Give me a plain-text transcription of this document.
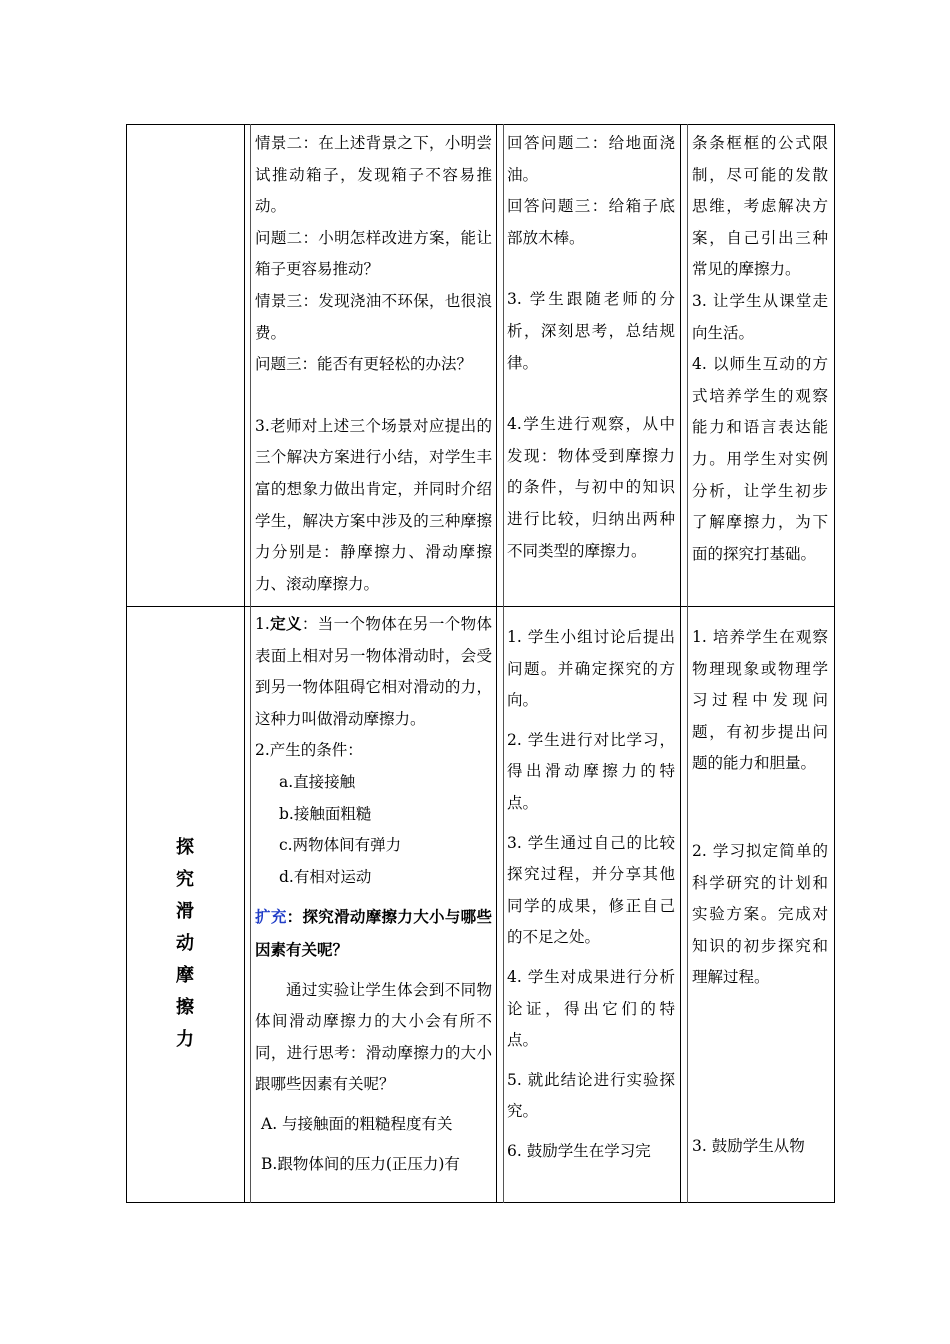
情景二：在上述背景之下，小明尝试推动箱子，发现箱子不容易推动。

问题二：小明怎样改进方案，能让箱子更容易推动？

情景三：发现浇油不环保，也很浪费。

问题三：能否有更轻松的办法？

3.老师对上述三个场景对应提出的三个解决方案进行小结，对学生丰富的想象力做出肯定，并同时介绍学生，解决方案中涉及的三种摩擦力分别是：静摩擦力、滑动摩擦力、滚动摩擦力。

回答问题二：给地面浇油。

回答问题三：给箱子底部放木棒。

3. 学生跟随老师的分析，深刻思考，总结规律。

4.学生进行观察，从中发现：物体受到摩擦力的条件，与初中的知识进行比较，归纳出两种不同类型的摩擦力。

条条框框的公式限制，尽可能的发散思维，考虑解决方案，自己引出三种常见的摩擦力。

3. 让学生从课堂走向生活。

4. 以师生互动的方式培养学生的观察能力和语言表达能力。用学生对实例分析，让学生初步了解摩擦力，为下面的探究打基础。

探
究
滑
动
摩
擦
力

1.定义：当一个物体在另一个物体表面上相对另一物体滑动时，会受到另一物体阻碍它相对滑动的力，这种力叫做滑动摩擦力。

2.产生的条件：

a.直接接触

b.接触面粗糙

c.两物体间有弹力

d.有相对运动

扩充：探究滑动摩擦力大小与哪些因素有关呢？

通过实验让学生体会到不同物体间滑动摩擦力的大小会有所不同，进行思考：滑动摩擦力的大小跟哪些因素有关呢？

A. 与接触面的粗糙程度有关

B.跟物体间的压力(正压力)有

1. 学生小组讨论后提出问题。并确定探究的方向。

2. 学生进行对比学习，得出滑动摩擦力的特点。

3. 学生通过自己的比较探究过程，并分享其他同学的成果，修正自己的不足之处。

4. 学生对成果进行分析论证，得出它们的特点。

5. 就此结论进行实验探究。

6. 鼓励学生在学习完

1. 培养学生在观察物理现象或物理学习过程中发现问题，有初步提出问题的能力和胆量。

2. 学习拟定简单的科学研究的计划和实验方案。完成对知识的初步探究和理解过程。

3. 鼓励学生从物
